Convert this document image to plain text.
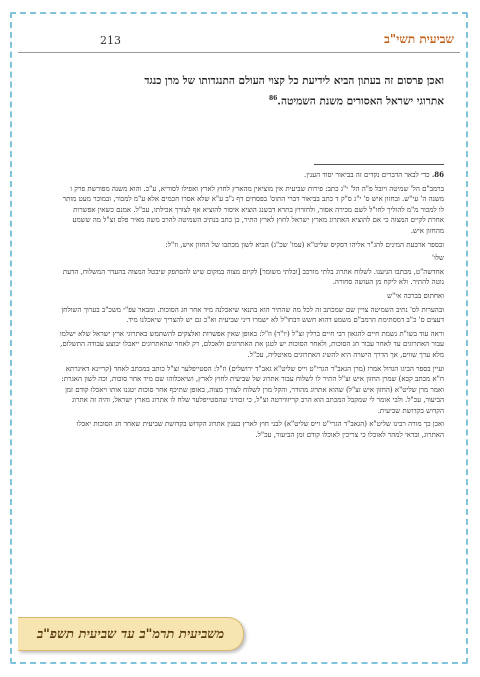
213	שביעית תשי"ב
ואכן פרסום זה בעתון הביא לידיעת כל קצוי העולם התנגדותו של מרן כנגד
אתרוגי ישראל האסורים משנת השמיטה.$^{86}$

86. כדי לבאר הדברים נקדים זה בביאור יסוד הענין.

ברמב"ם הל' שמיטה ויובל פ"ה הל' י"ג כתב: פירות שביעית אין מוציאין מהארץ לחוץ לארץ ואפילו לסוריא, ע"כ. והוא משנה מפורשת פרק ו משנה ה' עי"ש. ובחזון איש ס' י"ג ס"ק ד כתב בביאור דברי התוס' בפסחים דף נ"ב ע"א שלא אסרו חכמים אלא ע"מ למכור, ובמוכר מעט מותר לו למכור מ"מ להוליך לחו"ל לשם מכירה אסור, ולחזרוץ בתרא דבשנג הוציא איסור להוציא אף לצורך אכילתו, עכ"ל. אמנם כשאין אפשרות אחרת לקיים המצוה כי אם להוציא האתרוג מארץ ישראל לחוץ לארץ התיר, כן כתב בנתיב השמיטה להרב משה מאיר פלס זצ"ל מה ששמע מהחזון איש.

ובספר ארבעת המינים להג"ר אליהו דסקיס שליט"א (עמו' שכ"ג) הביא לשון מכתבו של החזון איש, וז"ל:

שלו'

אחדשה"ט, מכתבו הגיענו. לשלוח אתרוג בלתי מורכב [ובלתי משומר] לקיום מצוה במקום שיש להסתפק שיבטל המצוה בהעדר המשלוח, הדעת נוטה להתיר. ולא ליקח מן העושה סחורה.

ואחתום בברכה אי"ש

ובהערות לס' נתיב השמיטה צויין שם שמכתב זה לכל מה שהתיר הוא בתנאי שיאכלנה מיד אחר חג הסוכות. ומבאר עפ"י משכ"ב בערוך השולחן דעצים ס' כ"ב דמסתימת הרמב"ם משמע דהוא חשש דבחו"ל לא ישמרו דיני שביעית וא"כ גם יש להצריך שיאכלנו מיד.

וראה עוד בשו"ת נשמת חיים להגאון רבי חיים ברלין זצ"ל (יו"ד) וז"ל: באופן שאין אפשרות ואלצקים להשתמש באתרוגי ארץ ישראל שלא ישלמו עבור האתרוגים עד לאחר עבור חג הסוכות, ולאחר הסוכות יש לטגן את האתרוגים ולאכלם, רק לאחר שהאתרוגים ייאכלו יבוצע עבודה התשלום, מלא ערך שווים, אך הדרך הישרה היא להשיג האתרוגים מאיטליה, עכ"ל.

ועיין בספר הביגו הגדול אמרו (מרן הגאב"ד הגרי"ט וייס שליט"א גאב"ד ירושלים) וז"ל: הסטייפלער זצ"ל כותב במכתב לאחד (קריינא דאיגרתא ח"א מכתב קכא) שמרן החזון איש זצ"ל התיר לו לשלוח עבור אתרוג של שביעית לחוץ לארץ, ושיאכלוהו שם מיד אחר סוכות, וכה לשון האגרת: ואמר מרן שליט"א (החזון איש זצ"ל) שהוא אתרוג מהודר, והקל מרן לשלוח לצורך מצוה, באופן שתיכף אחר סוכות יטגנו אותו ויאכלו קודם זמן הביעור, עכ"ל. ולבי אומר לי שמקבל המכתב הוא הרב קריזווירטה זצ"ל, כי זכורני שהסטייפלער שלח לו אתרוג מארץ ישראל, והיה זה אתרוג הקדוש בקדושת שביעית.

ואכן כך מורה רבינו שליט"א (הגאב"ד הגרי"ט וייס שליט"א) לבני חוץ לארץ בענין אתרוג הקדוש בקדושת שביעית שאחר חג הסוכות יאכלו האתרוג, ובדאי למהר לאוכלו כי צריכין לאוכלו קודם זמן הביעור, עכ"ל.

משביעית תרמ"ב עד שביעית תשפ"ב
